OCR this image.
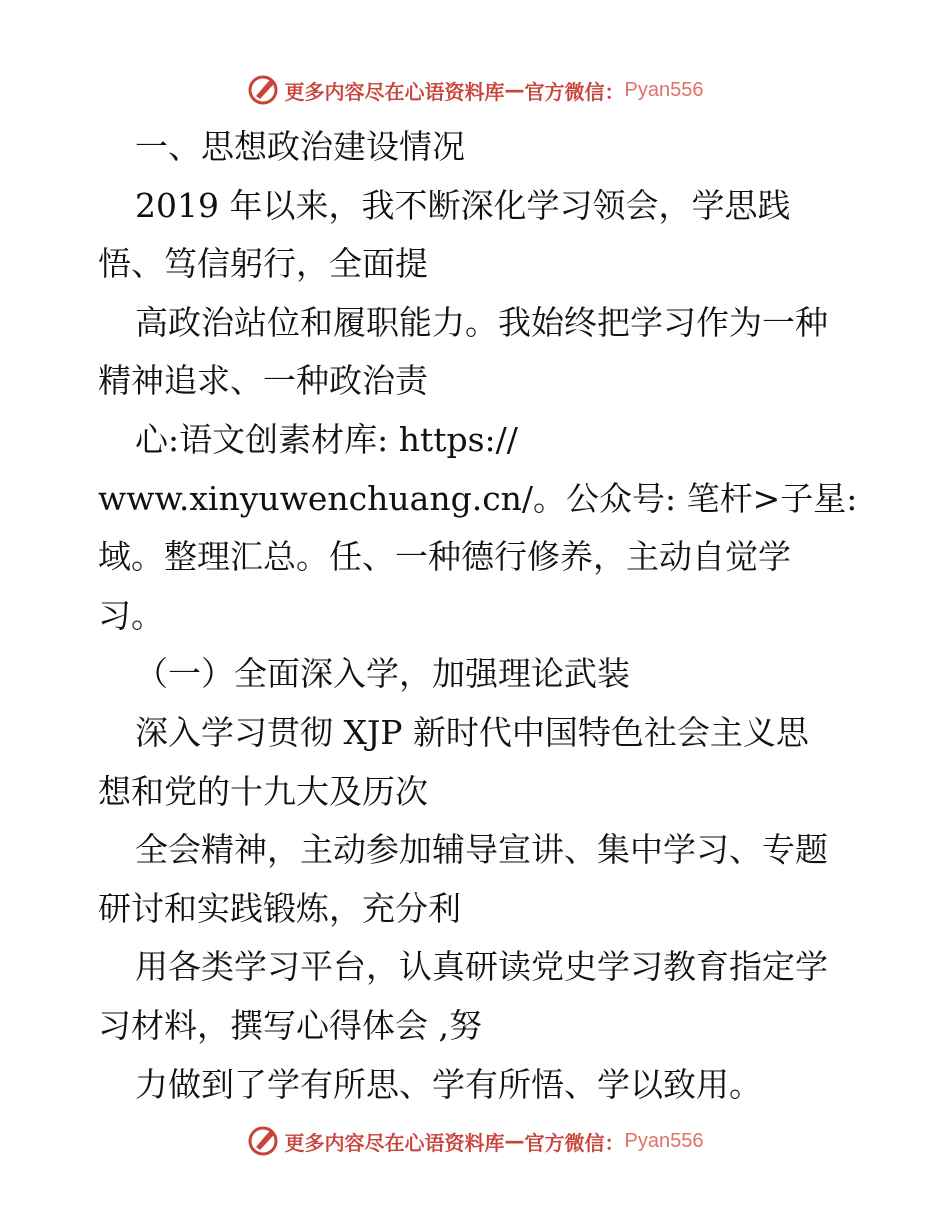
更多内容尽在心语资料库 — 官方微信： Pyan556
一、思想政治建设情况
2019 年以来，我不断深化学习领会，学思践
悟、笃信躬行，全面提
高政治站位和履职能力。我始终把学习作为一种
精神追求、一种政治责
心:语文创素材库: https://
www.xinyuwenchuang.cn/。公众号: 笔杆>子星:
域。整理汇总。任、一种德行修养，主动自觉学
习。
（一）全面深入学，加强理论武装
深入学习贯彻 XJP 新时代中国特色社会主义思
想和党的十九大及历次
全会精神，主动参加辅导宣讲、集中学习、专题
研讨和实践锻炼，充分利
用各类学习平台，认真研读党史学习教育指定学
习材料，撰写心得体会 ,努
力做到了学有所思、学有所悟、学以致用。
更多内容尽在心语资料库 — 官方微信： Pyan556
